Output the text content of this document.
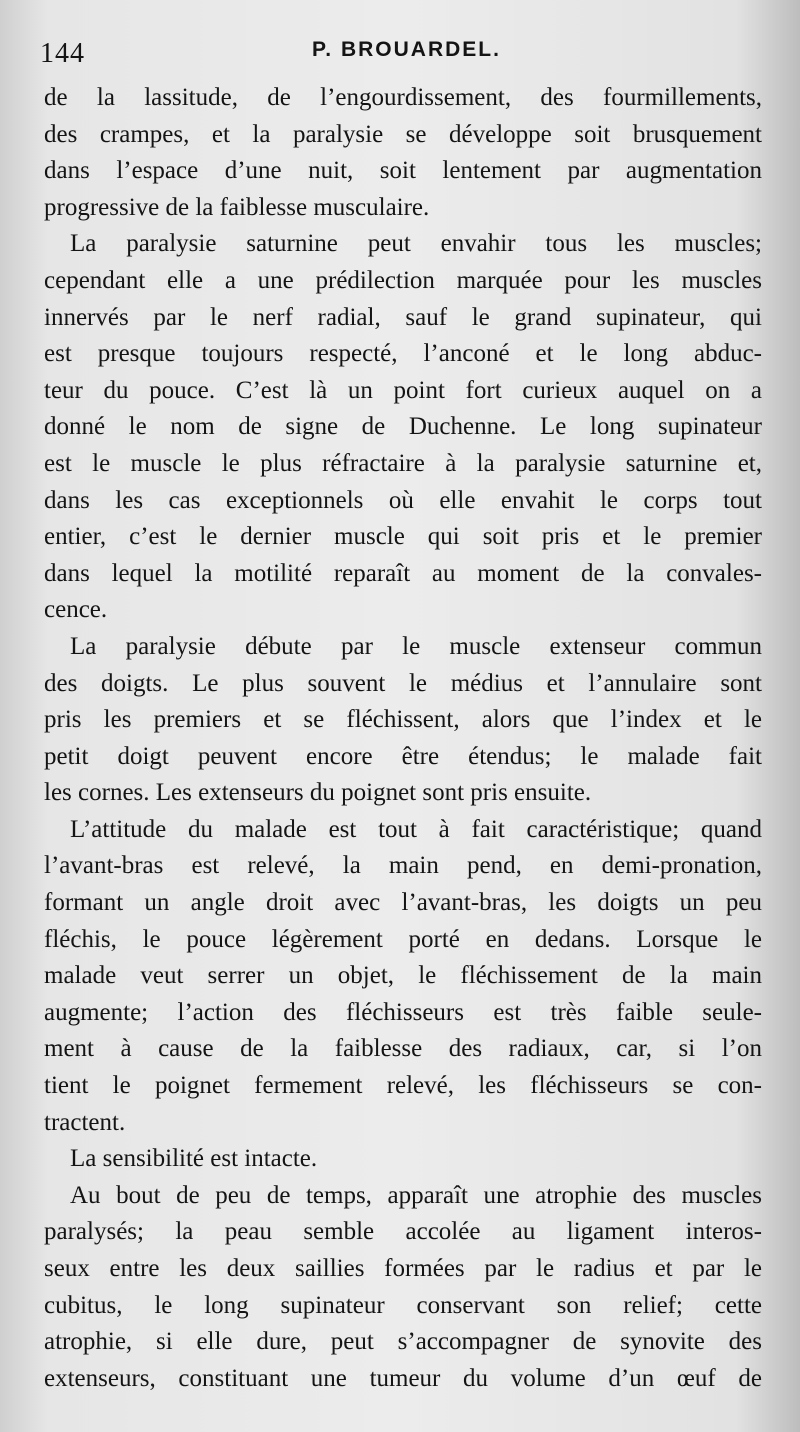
144	P. BROUARDEL.
de la lassitude, de l’engourdissement, des fourmillements,
des crampes, et la paralysie se développe soit brusquement
dans l’espace d’une nuit, soit lentement par augmentation
progressive de la faiblesse musculaire.
La paralysie saturnine peut envahir tous les muscles;
cependant elle a une prédilection marquée pour les muscles
innervés par le nerf radial, sauf le grand supinateur, qui
est presque toujours respecté, l’anconé et le long abduc-
teur du pouce. C’est là un point fort curieux auquel on a
donné le nom de signe de Duchenne. Le long supinateur
est le muscle le plus réfractaire à la paralysie saturnine et,
dans les cas exceptionnels où elle envahit le corps tout
entier, c’est le dernier muscle qui soit pris et le premier
dans lequel la motilité reparaît au moment de la convales-
cence.
La paralysie débute par le muscle extenseur commun
des doigts. Le plus souvent le médius et l’annulaire sont
pris les premiers et se fléchissent, alors que l’index et le
petit doigt peuvent encore être étendus; le malade fait
les cornes. Les extenseurs du poignet sont pris ensuite.
L’attitude du malade est tout à fait caractéristique; quand
l’avant-bras est relevé, la main pend, en demi-pronation,
formant un angle droit avec l’avant-bras, les doigts un peu
fléchis, le pouce légèrement porté en dedans. Lorsque le
malade veut serrer un objet, le fléchissement de la main
augmente; l’action des fléchisseurs est très faible seule-
ment à cause de la faiblesse des radiaux, car, si l’on
tient le poignet fermement relevé, les fléchisseurs se con-
tractent.
La sensibilité est intacte.
Au bout de peu de temps, apparaît une atrophie des muscles
paralysés; la peau semble accolée au ligament interos-
seux entre les deux saillies formées par le radius et par le
cubitus, le long supinateur conservant son relief; cette
atrophie, si elle dure, peut s’accompagner de synovite des
extenseurs, constituant une tumeur du volume d’un œuf de
